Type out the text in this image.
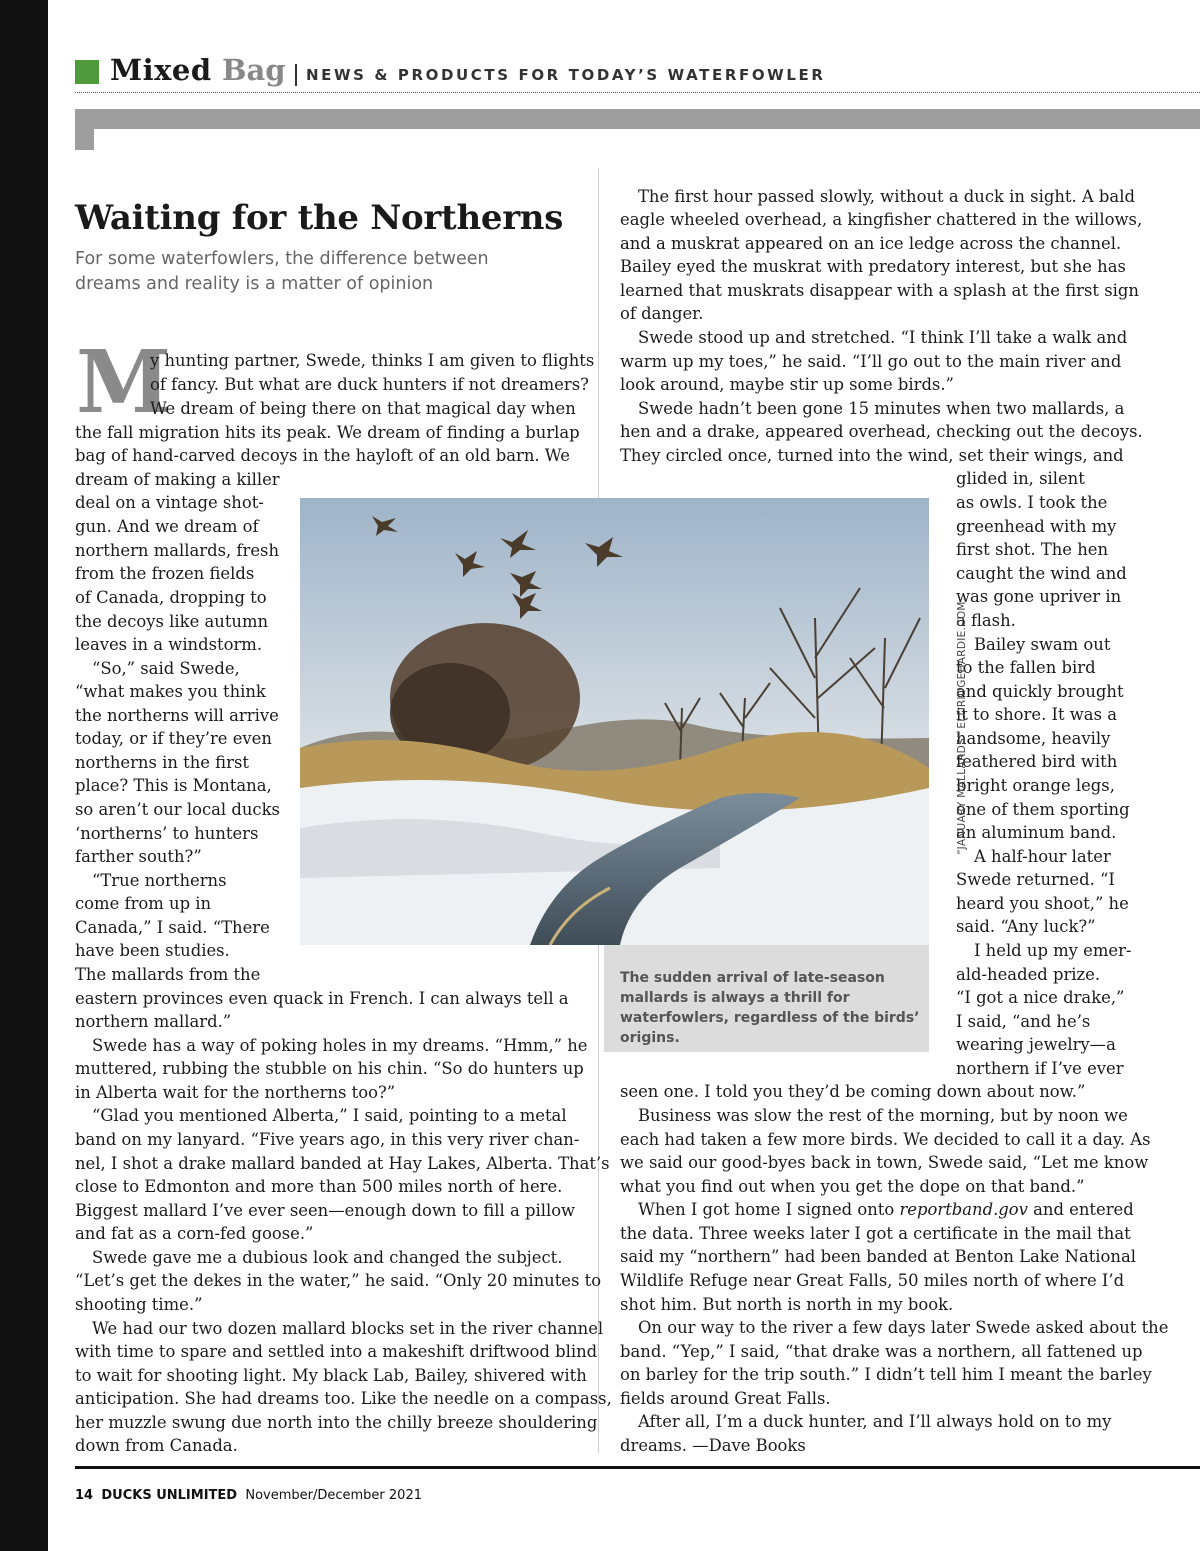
Mixed Bag NEWS & PRODUCTS FOR TODAY’S WATERFOWLER
Waiting for the Northerns

For some waterfowlers, the difference between dreams and reality is a matter of opinion

M
y hunting partner, Swede, thinks I am given to flights
of fancy. But what are duck hunters if not dreamers?
We dream of being there on that magical day when
the fall migration hits its peak. We dream of finding a burlap
bag of hand-carved decoys in the hayloft of an old barn. We
dream of making a killer
deal on a vintage shot-
gun. And we dream of
northern mallards, fresh
from the frozen fields
of Canada, dropping to
the decoys like autumn
leaves in a windstorm.
“So,” said Swede,
“what makes you think
the northerns will arrive
today, or if they’re even
northerns in the first
place? This is Montana,
so aren’t our local ducks
‘northerns’ to hunters
farther south?”
“True northerns
come from up in
Canada,” I said. “There
have been studies.
The mallards from the
eastern provinces even quack in French. I can always tell a
northern mallard.”
Swede has a way of poking holes in my dreams. “Hmm,” he
muttered, rubbing the stubble on his chin. “So do hunters up
in Alberta wait for the northerns too?”
“Glad you mentioned Alberta,” I said, pointing to a metal
band on my lanyard. “Five years ago, in this very river chan-
nel, I shot a drake mallard banded at Hay Lakes, Alberta. That’s
close to Edmonton and more than 500 miles north of here.
Biggest mallard I’ve ever seen—enough down to fill a pillow
and fat as a corn-fed goose.”
Swede gave me a dubious look and changed the subject.
“Let’s get the dekes in the water,” he said. “Only 20 minutes to
shooting time.”
We had our two dozen mallard blocks set in the river channel
with time to spare and settled into a makeshift driftwood blind
to wait for shooting light. My black Lab, Bailey, shivered with
anticipation. She had dreams too. Like the needle on a compass,
her muzzle swung due north into the chilly breeze shouldering
down from Canada.
The first hour passed slowly, without a duck in sight. A bald
eagle wheeled overhead, a kingfisher chattered in the willows,
and a muskrat appeared on an ice ledge across the channel.
Bailey eyed the muskrat with predatory interest, but she has
learned that muskrats disappear with a splash at the first sign
of danger.
Swede stood up and stretched. “I think I’ll take a walk and
warm up my toes,” he said. “I’ll go out to the main river and
look around, maybe stir up some birds.”
Swede hadn’t been gone 15 minutes when two mallards, a
hen and a drake, appeared overhead, checking out the decoys.
They circled once, turned into the wind, set their wings, and
glided in, silent
as owls. I took the
greenhead with my
first shot. The hen
caught the wind and
was gone upriver in
a flash.
Bailey swam out
to the fallen bird
and quickly brought
it to shore. It was a
handsome, heavily
feathered bird with
bright orange legs,
one of them sporting
an aluminum band.
A half-hour later
Swede returned. “I
heard you shoot,” he
said. “Any luck?”
I held up my emer-
ald-headed prize.
“I got a nice drake,”
I said, “and he’s
wearing jewelry—a
northern if I’ve ever
seen one. I told you they’d be coming down about now.”
Business was slow the rest of the morning, but by noon we
each had taken a few more birds. We decided to call it a day. As
we said our good-byes back in town, Swede said, “Let me know
what you find out when you get the dope on that band.”
When I got home I signed onto reportband.gov and entered
the data. Three weeks later I got a certificate in the mail that
said my “northern” had been banded at Benton Lake National
Wildlife Refuge near Great Falls, 50 miles north of where I’d
shot him. But north is north in my book.
On our way to the river a few days later Swede asked about the
band. “Yep,” I said, “that drake was a northern, all fattened up
on barley for the trip south.” I didn’t tell him I meant the barley
fields around Great Falls.
After all, I’m a duck hunter, and I’ll always hold on to my
dreams. —Dave Books
“JANUARY MALLARDS” ELDRIDGEHARDIE.COM

The sudden arrival of late-season mallards is always a thrill for waterfowlers, regardless of the birds’ origins.

14 DUCKS UNLIMITED November/December 2021
